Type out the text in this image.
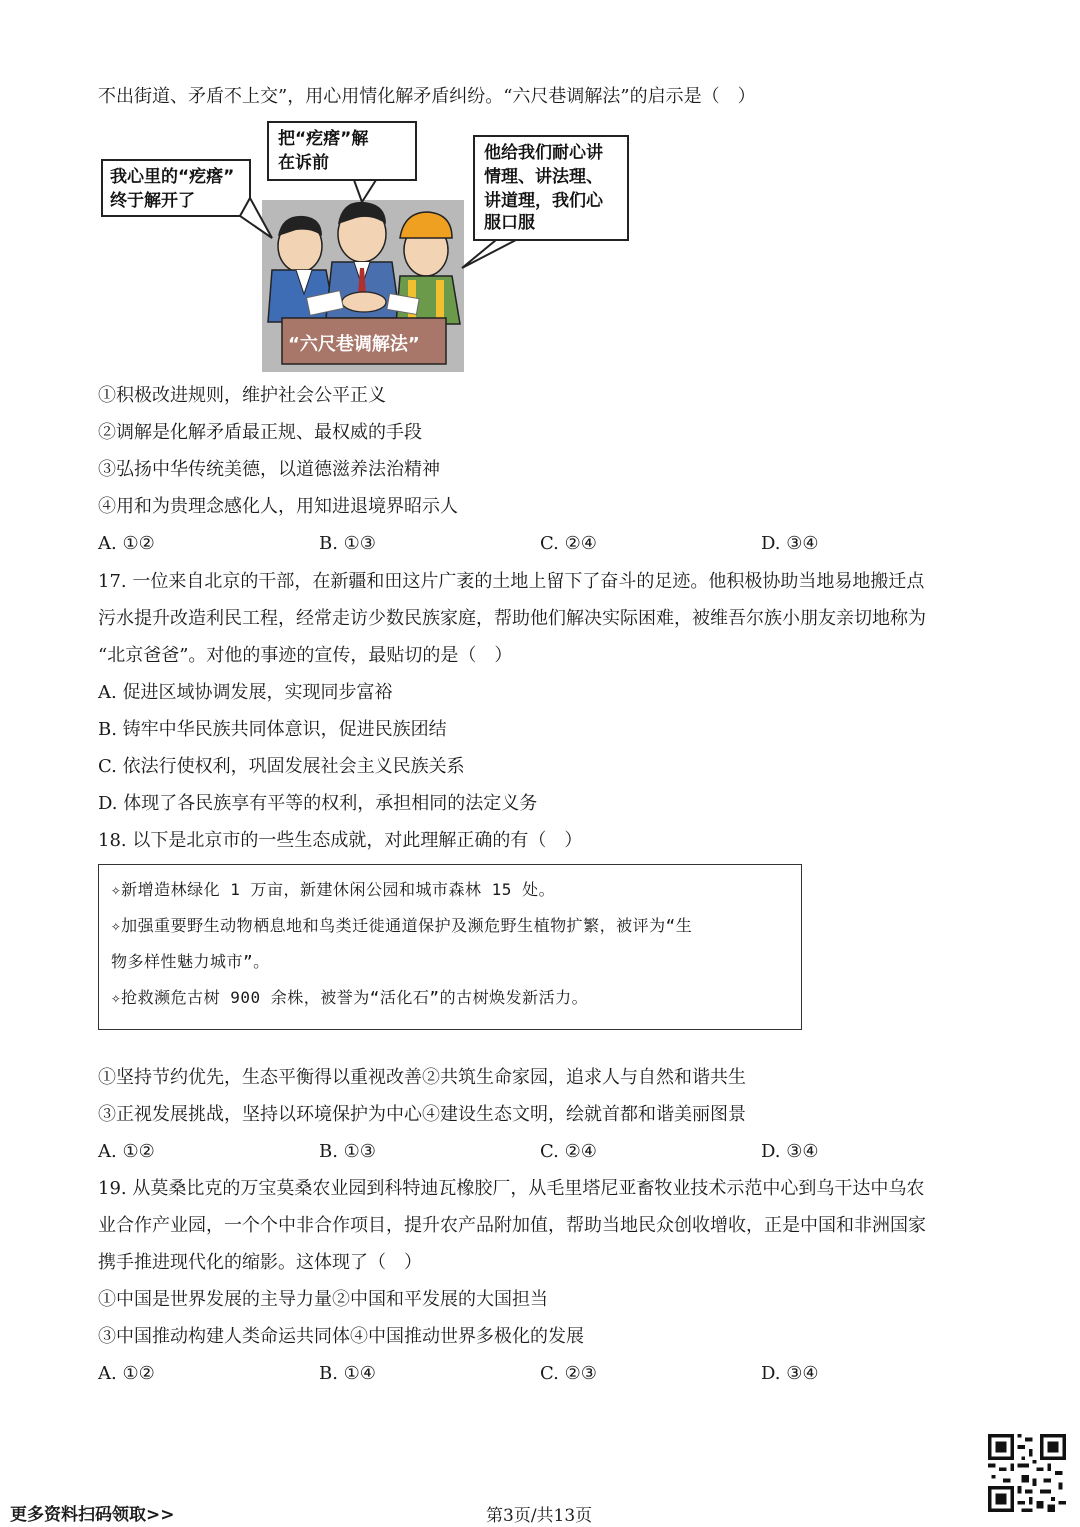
不出街道、矛盾不上交”，用心用情化解矛盾纠纷。“六尺巷调解法”的启示是（　）
我心里的“疙瘩”
终于解开了
把“疙瘩”解
在诉前	他给我们耐心讲
情理、讲法理、
讲道理，我们心
服口服
“六尺巷调解法”
①积极改进规则，维护社会公平正义
②调解是化解矛盾最正规、最权威的手段
③弘扬中华传统美德，以道德滋养法治精神
④用和为贵理念感化人，用知进退境界昭示人
A. ①②	B. ①③	C. ②④	D. ③④
17. 一位来自北京的干部，在新疆和田这片广袤的土地上留下了奋斗的足迹。他积极协助当地易地搬迁点
污水提升改造利民工程，经常走访少数民族家庭，帮助他们解决实际困难，被维吾尔族小朋友亲切地称为
“北京爸爸”。对他的事迹的宣传，最贴切的是（　）
A. 促进区域协调发展，实现同步富裕
B. 铸牢中华民族共同体意识，促进民族团结
C. 依法行使权利，巩固发展社会主义民族关系
D. 体现了各民族享有平等的权利，承担相同的法定义务
18. 以下是北京市的一些生态成就，对此理解正确的有（　）
✧新增造林绿化 1 万亩，新建休闲公园和城市森林 15 处。
✧加强重要野生动物栖息地和鸟类迁徙通道保护及濒危野生植物扩繁，被评为“生
物多样性魅力城市”。
✧抢救濒危古树 900 余株，被誉为“活化石”的古树焕发新活力。
①坚持节约优先，生态平衡得以重视改善②共筑生命家园，追求人与自然和谐共生
③正视发展挑战，坚持以环境保护为中心④建设生态文明，绘就首都和谐美丽图景
A. ①②	B. ①③	C. ②④	D. ③④
19. 从莫桑比克的万宝莫桑农业园到科特迪瓦橡胶厂，从毛里塔尼亚畜牧业技术示范中心到乌干达中乌农
业合作产业园，一个个中非合作项目，提升农产品附加值，帮助当地民众创收增收，正是中国和非洲国家
携手推进现代化的缩影。这体现了（　）
①中国是世界发展的主导力量②中国和平发展的大国担当
③中国推动构建人类命运共同体④中国推动世界多极化的发展
A. ①②	B. ①④	C. ②③	D. ③④
更多资料扫码领取>>	第3页/共13页
